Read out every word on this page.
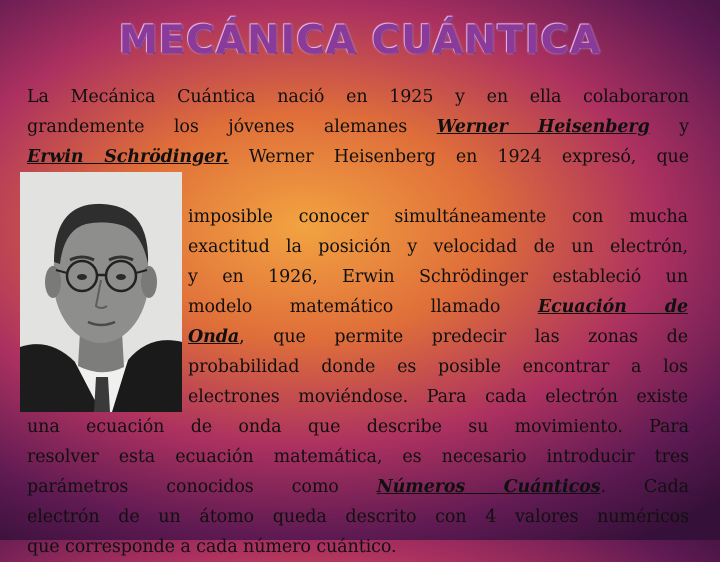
MECÁNICA CUÁNTICA
La Mecánica Cuántica nació en 1925 y en ella colaboraron
grandemente los jóvenes alemanes Werner Heisenberg y
Erwin Schrödinger. Werner Heisenberg en 1924 expresó, que
imposible conocer simultáneamente con mucha
exactitud la posición y velocidad de un electrón,
y en 1926, Erwin Schrödinger estableció un
modelo matemático llamado Ecuación de
Onda, que permite predecir las zonas de
probabilidad donde es posible encontrar a los
electrones moviéndose. Para cada electrón existe
una ecuación de onda que describe su movimiento. Para
resolver esta ecuación matemática, es necesario introducir tres
parámetros conocidos como Números Cuánticos. Cada
electrón de un átomo queda descrito con 4 valores numéricos
que corresponde a cada número cuántico.
